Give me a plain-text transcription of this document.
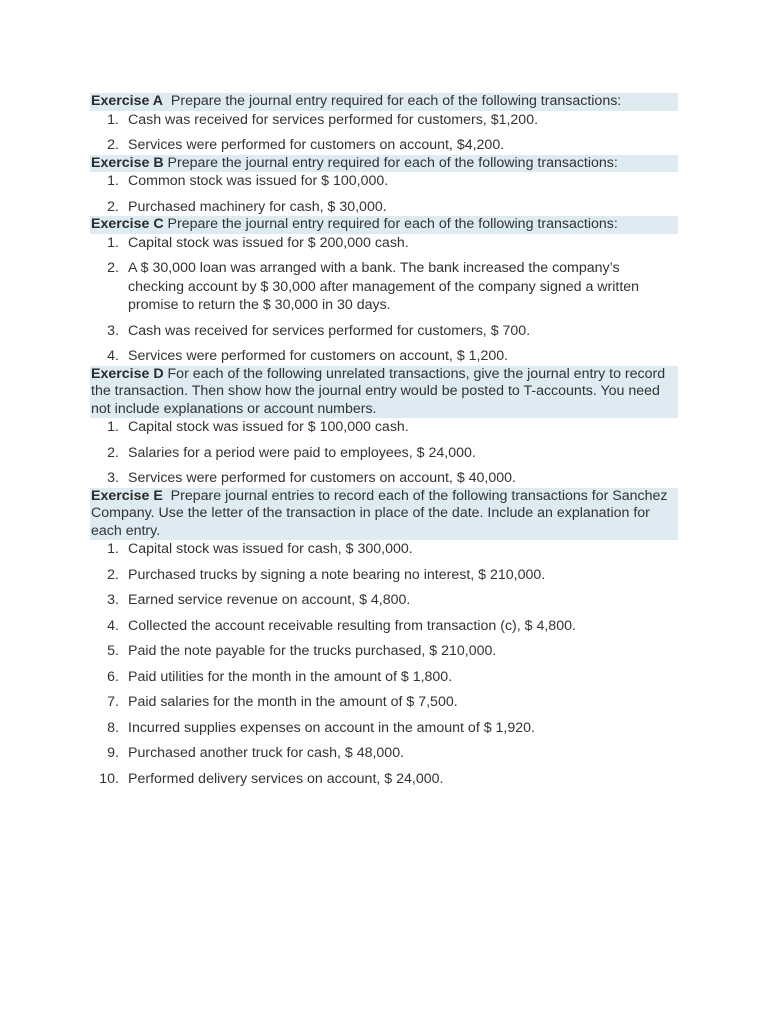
Exercise A  Prepare the journal entry required for each of the following transactions:

1. Cash was received for services performed for customers, $1,200.
2. Services were performed for customers on account, $4,200.

Exercise B Prepare the journal entry required for each of the following transactions:

1. Common stock was issued for $ 100,000.
2. Purchased machinery for cash, $ 30,000.

Exercise C Prepare the journal entry required for each of the following transactions:

1. Capital stock was issued for $ 200,000 cash.
2. A $ 30,000 loan was arranged with a bank. The bank increased the company’s checking account by $ 30,000 after management of the company signed a written promise to return the $ 30,000 in 30 days.
3. Cash was received for services performed for customers, $ 700.
4. Services were performed for customers on account, $ 1,200.

Exercise D For each of the following unrelated transactions, give the journal entry to record the transaction. Then show how the journal entry would be posted to T-accounts. You need not include explanations or account numbers.

1. Capital stock was issued for $ 100,000 cash.
2. Salaries for a period were paid to employees, $ 24,000.
3. Services were performed for customers on account, $ 40,000.

Exercise E  Prepare journal entries to record each of the following transactions for Sanchez Company. Use the letter of the transaction in place of the date. Include an explanation for each entry.

1. Capital stock was issued for cash, $ 300,000.
2. Purchased trucks by signing a note bearing no interest, $ 210,000.
3. Earned service revenue on account, $ 4,800.
4. Collected the account receivable resulting from transaction (c), $ 4,800.
5. Paid the note payable for the trucks purchased, $ 210,000.
6. Paid utilities for the month in the amount of $ 1,800.
7. Paid salaries for the month in the amount of $ 7,500.
8. Incurred supplies expenses on account in the amount of $ 1,920.
9. Purchased another truck for cash, $ 48,000.
10. Performed delivery services on account, $ 24,000.
